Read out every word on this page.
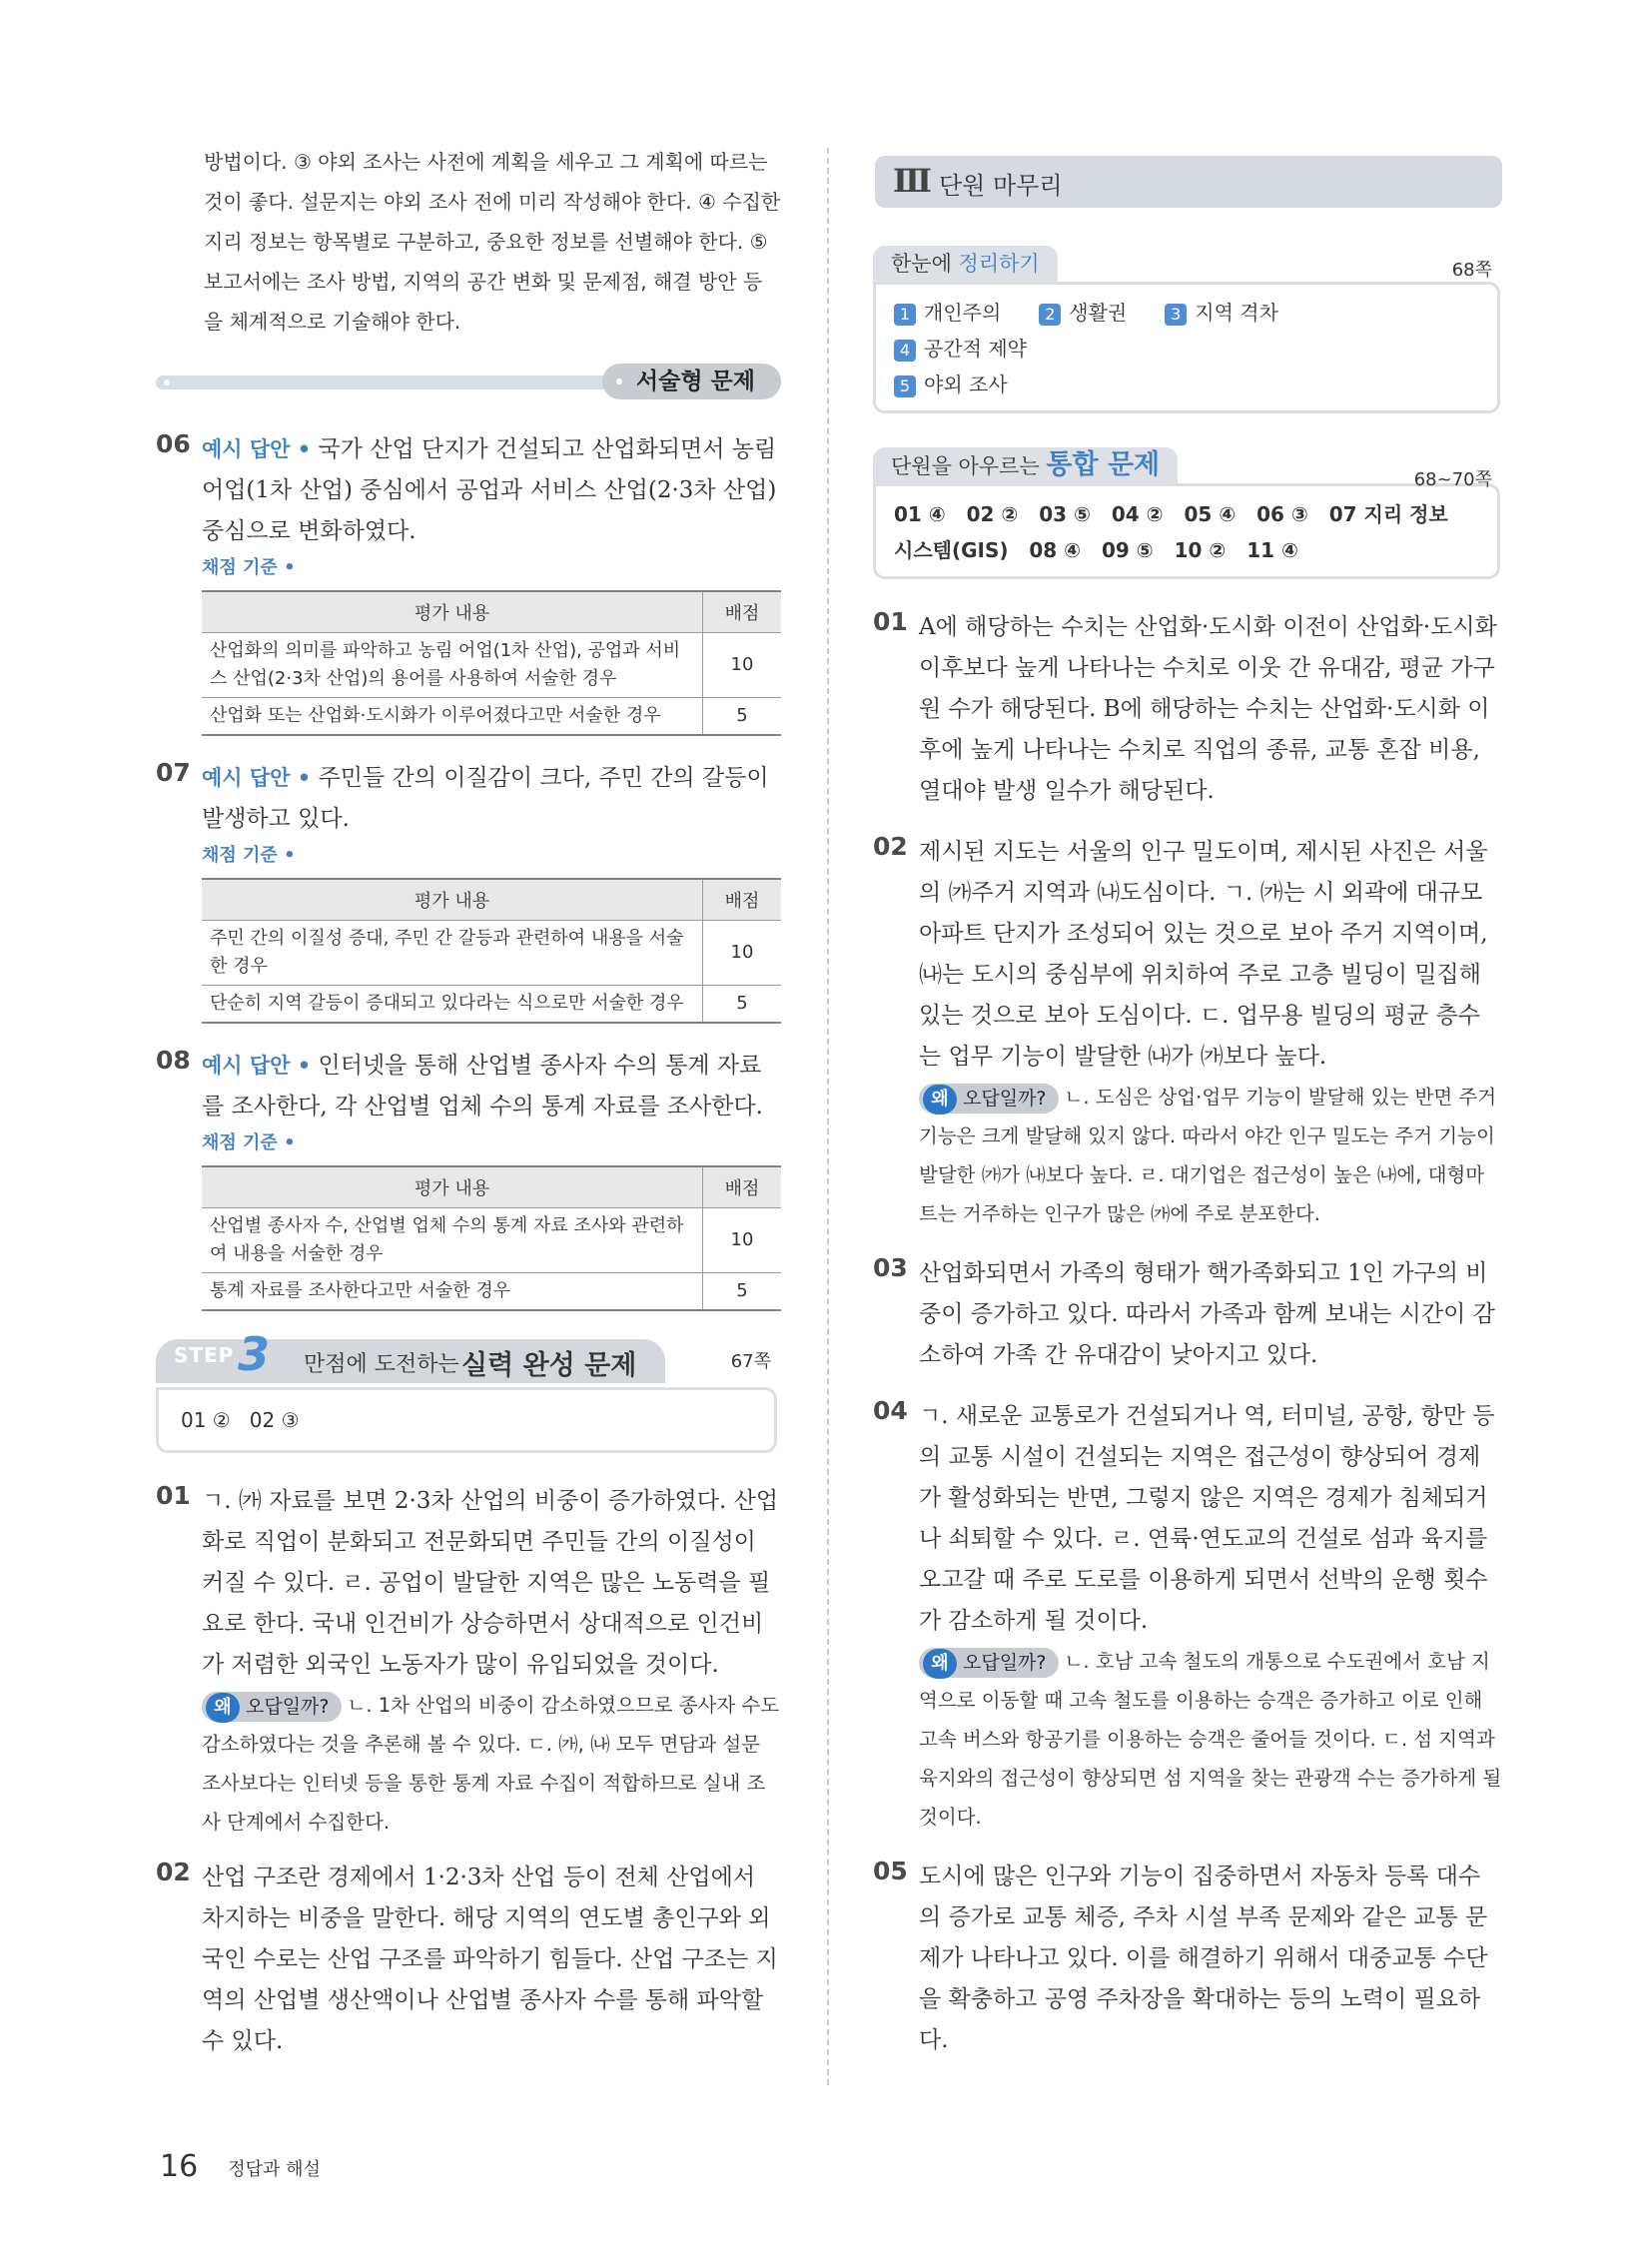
방법이다. ③ 야외 조사는 사전에 계획을 세우고 그 계획에 따르는 것이 좋다. 설문지는 야외 조사 전에 미리 작성해야 한다. ④ 수집한 지리 정보는 항목별로 구분하고, 중요한 정보를 선별해야 한다. ⑤ 보고서에는 조사 방법, 지역의 공간 변화 및 문제점, 해결 방안 등을 체계적으로 기술해야 한다.

서술형 문제
06 예시 답안 • 국가 산업 단지가 건설되고 산업화되면서 농림어업(1차 산업) 중심에서 공업과 서비스 산업(2·3차 산업) 중심으로 변화하였다.

채점 기준 •
평가 내용	배점
산업화의 의미를 파악하고 농림 어업(1차 산업), 공업과 서비스 산업(2·3차 산업)의 용어를 사용하여 서술한 경우	10
산업화 또는 산업화·도시화가 이루어졌다고만 서술한 경우	5
07 예시 답안 • 주민들 간의 이질감이 크다, 주민 간의 갈등이 발생하고 있다.

채점 기준 •
평가 내용	배점
주민 간의 이질성 증대, 주민 간 갈등과 관련하여 내용을 서술한 경우	10
단순히 지역 갈등이 증대되고 있다라는 식으로만 서술한 경우	5
08 예시 답안 • 인터넷을 통해 산업별 종사자 수의 통계 자료를 조사한다, 각 산업별 업체 수의 통계 자료를 조사한다.

채점 기준 •
평가 내용	배점
산업별 종사자 수, 산업별 업체 수의 통계 자료 조사와 관련하여 내용을 서술한 경우	10
통계 자료를 조사한다고만 서술한 경우	5
STEP 3 만점에 도전하는 실력 완성 문제	67쪽
01 ②   02 ③
01 ㄱ. ㈎ 자료를 보면 2·3차 산업의 비중이 증가하였다. 산업화로 직업이 분화되고 전문화되면 주민들 간의 이질성이 커질 수 있다. ㄹ. 공업이 발달한 지역은 많은 노동력을 필요로 한다. 국내 인건비가 상승하면서 상대적으로 인건비가 저렴한 외국인 노동자가 많이 유입되었을 것이다.

왜 오답일까? ㄴ. 1차 산업의 비중이 감소하였으므로 종사자 수도 감소하였다는 것을 추론해 볼 수 있다. ㄷ. ㈎, ㈏ 모두 면담과 설문 조사보다는 인터넷 등을 통한 통계 자료 수집이 적합하므로 실내 조사 단계에서 수집한다.
02 산업 구조란 경제에서 1·2·3차 산업 등이 전체 산업에서 차지하는 비중을 말한다. 해당 지역의 연도별 총인구와 외국인 수로는 산업 구조를 파악하기 힘들다. 산업 구조는 지역의 산업별 생산액이나 산업별 종사자 수를 통해 파악할 수 있다.

Ⅲ 단원 마무리
한눈에 정리하기	68쪽
1 개인주의	2 생활권	3 지역 격차4 공간적 제약
5 야외 조사
단원을 아우르는 통합 문제	68~70쪽
01 ④   02 ②   03 ⑤   04 ②   05 ④   06 ③   07 지리 정보
시스템(GIS)   08 ④   09 ⑤   10 ②   11 ④
01 A에 해당하는 수치는 산업화·도시화 이전이 산업화·도시화 이후보다 높게 나타나는 수치로 이웃 간 유대감, 평균 가구원 수가 해당된다. B에 해당하는 수치는 산업화·도시화 이후에 높게 나타나는 수치로 직업의 종류, 교통 혼잡 비용, 열대야 발생 일수가 해당된다.

02 제시된 지도는 서울의 인구 밀도이며, 제시된 사진은 서울의 ㈎주거 지역과 ㈏도심이다. ㄱ. ㈎는 시 외곽에 대규모 아파트 단지가 조성되어 있는 것으로 보아 주거 지역이며, ㈏는 도시의 중심부에 위치하여 주로 고층 빌딩이 밀집해 있는 것으로 보아 도심이다. ㄷ. 업무용 빌딩의 평균 층수는 업무 기능이 발달한 ㈏가 ㈎보다 높다.

왜 오답일까? ㄴ. 도심은 상업·업무 기능이 발달해 있는 반면 주거 기능은 크게 발달해 있지 않다. 따라서 야간 인구 밀도는 주거 기능이 발달한 ㈎가 ㈏보다 높다. ㄹ. 대기업은 접근성이 높은 ㈏에, 대형마트는 거주하는 인구가 많은 ㈎에 주로 분포한다.
03 산업화되면서 가족의 형태가 핵가족화되고 1인 가구의 비중이 증가하고 있다. 따라서 가족과 함께 보내는 시간이 감소하여 가족 간 유대감이 낮아지고 있다.

04 ㄱ. 새로운 교통로가 건설되거나 역, 터미널, 공항, 항만 등의 교통 시설이 건설되는 지역은 접근성이 향상되어 경제가 활성화되는 반면, 그렇지 않은 지역은 경제가 침체되거나 쇠퇴할 수 있다. ㄹ. 연륙·연도교의 건설로 섬과 육지를 오고갈 때 주로 도로를 이용하게 되면서 선박의 운행 횟수가 감소하게 될 것이다.

왜 오답일까? ㄴ. 호남 고속 철도의 개통으로 수도권에서 호남 지역으로 이동할 때 고속 철도를 이용하는 승객은 증가하고 이로 인해 고속 버스와 항공기를 이용하는 승객은 줄어들 것이다. ㄷ. 섬 지역과 육지와의 접근성이 향상되면 섬 지역을 찾는 관광객 수는 증가하게 될 것이다.
05 도시에 많은 인구와 기능이 집중하면서 자동차 등록 대수의 증가로 교통 체증, 주차 시설 부족 문제와 같은 교통 문제가 나타나고 있다. 이를 해결하기 위해서 대중교통 수단을 확충하고 공영 주차장을 확대하는 등의 노력이 필요하다.

16 정답과 해설
